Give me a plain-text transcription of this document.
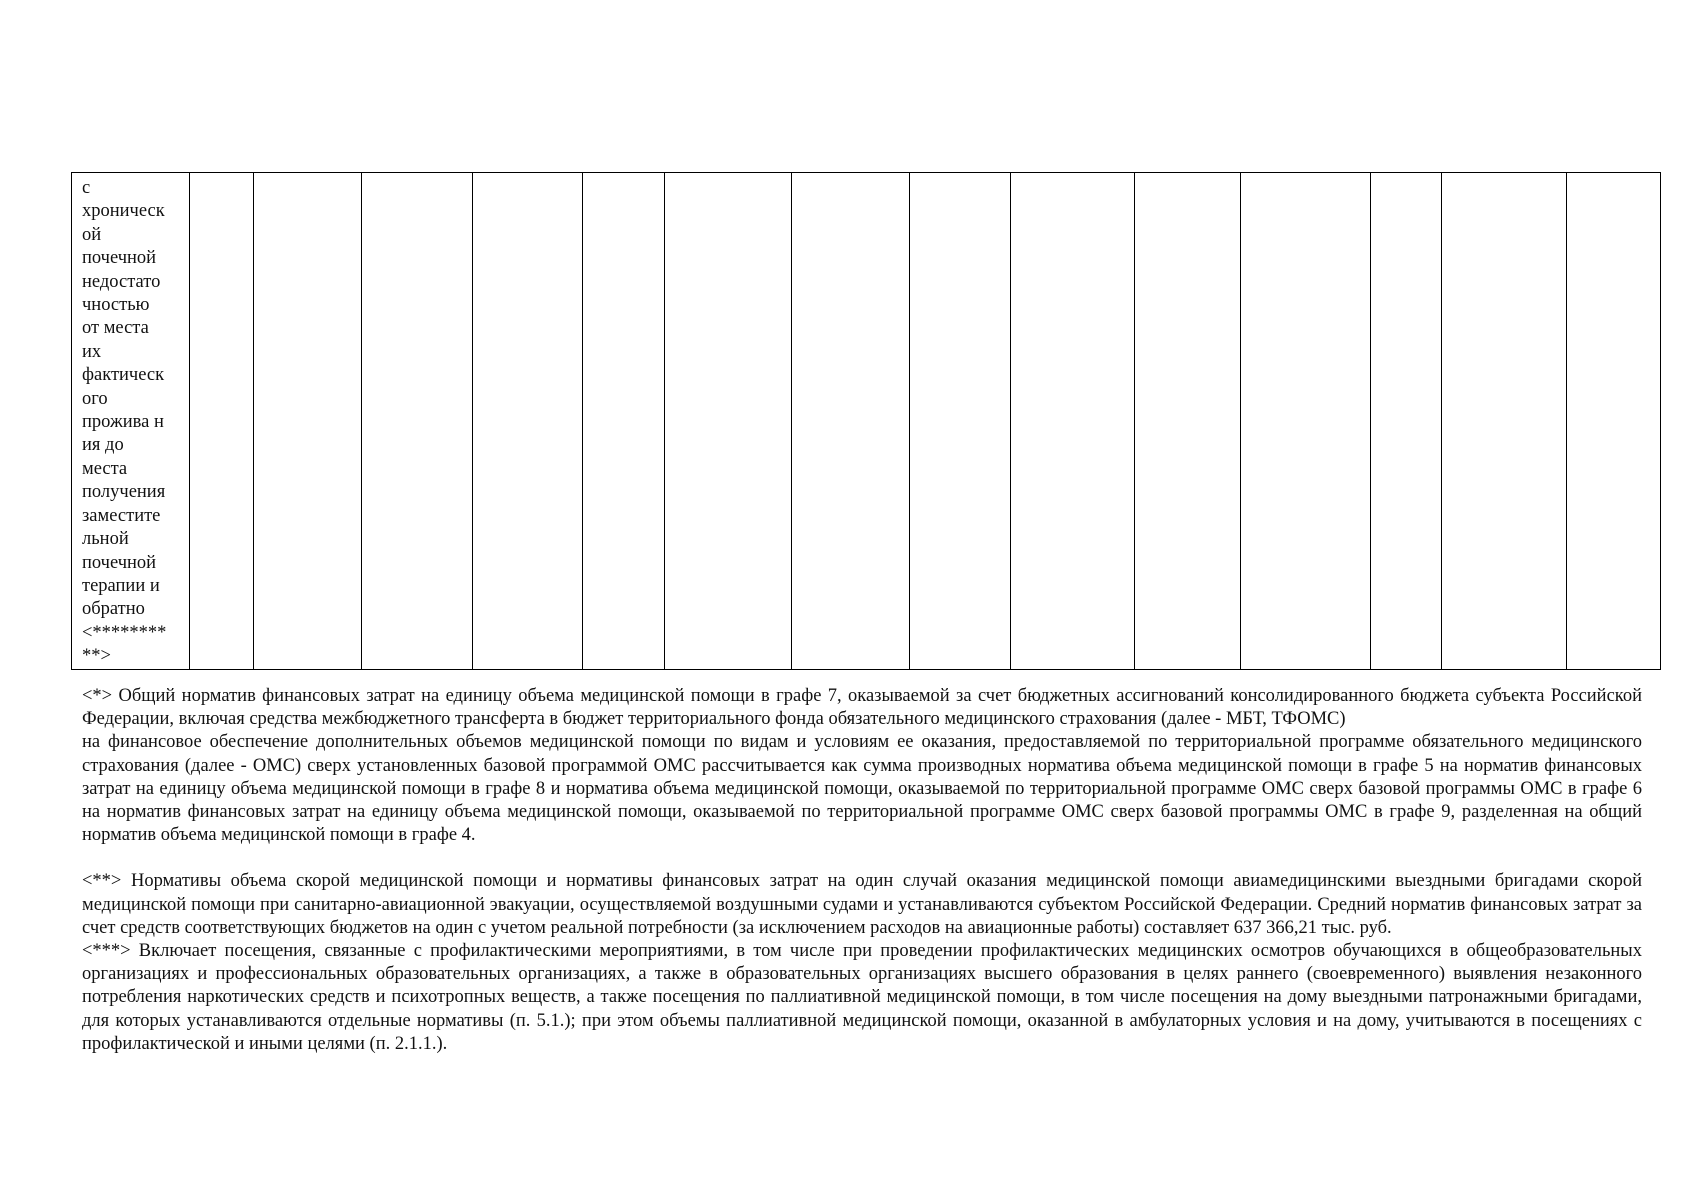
с
хроническ
ой
почечной
недостато
чностью
от места
их
фактическ
ого
прожива н
ия до
места
получения
заместите
льной
почечной
терапии и
обратно
<********
**>

<*> Общий норматив финансовых затрат на единицу объема медицинской помощи в графе 7, оказываемой за счет бюджетных ассигнований консолидированного бюджета субъекта Российской Федерации, включая средства межбюджетного трансферта в бюджет территориального фонда обязательного медицинского страхования (далее - МБТ, ТФОМС)

на финансовое обеспечение дополнительных объемов медицинской помощи по видам и условиям ее оказания, предоставляемой по территориальной программе обязательного медицинского страхования (далее - ОМС) сверх установленных базовой программой ОМС рассчитывается как сумма производных норматива объема медицинской помощи в графе 5 на норматив финансовых затрат на единицу объема медицинской помощи в графе 8 и норматива объема медицинской помощи, оказываемой по территориальной программе ОМС сверх базовой программы ОМС в графе 6 на норматив финансовых затрат на единицу объема медицинской помощи, оказываемой по территориальной программе ОМС сверх базовой программы ОМС в графе 9, разделенная на общий норматив объема медицинской помощи в графе 4.

<**> Нормативы объема скорой медицинской помощи и нормативы финансовых затрат на один случай оказания медицинской помощи авиамедицинскими выездными бригадами скорой медицинской помощи при санитарно-авиационной эвакуации, осуществляемой воздушными судами и устанавливаются субъектом Российской Федерации. Средний норматив финансовых затрат за счет средств соответствующих бюджетов на один с учетом реальной потребности (за исключением расходов на авиационные работы) составляет 637 366,21 тыс. руб.

<***> Включает посещения, связанные с профилактическими мероприятиями, в том числе при проведении профилактических медицинских осмотров обучающихся в общеобразовательных организациях и профессиональных образовательных организациях, а также в образовательных организациях высшего образования в целях раннего (своевременного) выявления незаконного потребления наркотических средств и психотропных веществ, а также посещения по паллиативной медицинской помощи, в том числе посещения на дому выездными патронажными бригадами, для которых устанавливаются отдельные нормативы (п. 5.1.); при этом объемы паллиативной медицинской помощи, оказанной в амбулаторных условия и на дому, учитываются в посещениях с профилактической и иными целями (п. 2.1.1.).
